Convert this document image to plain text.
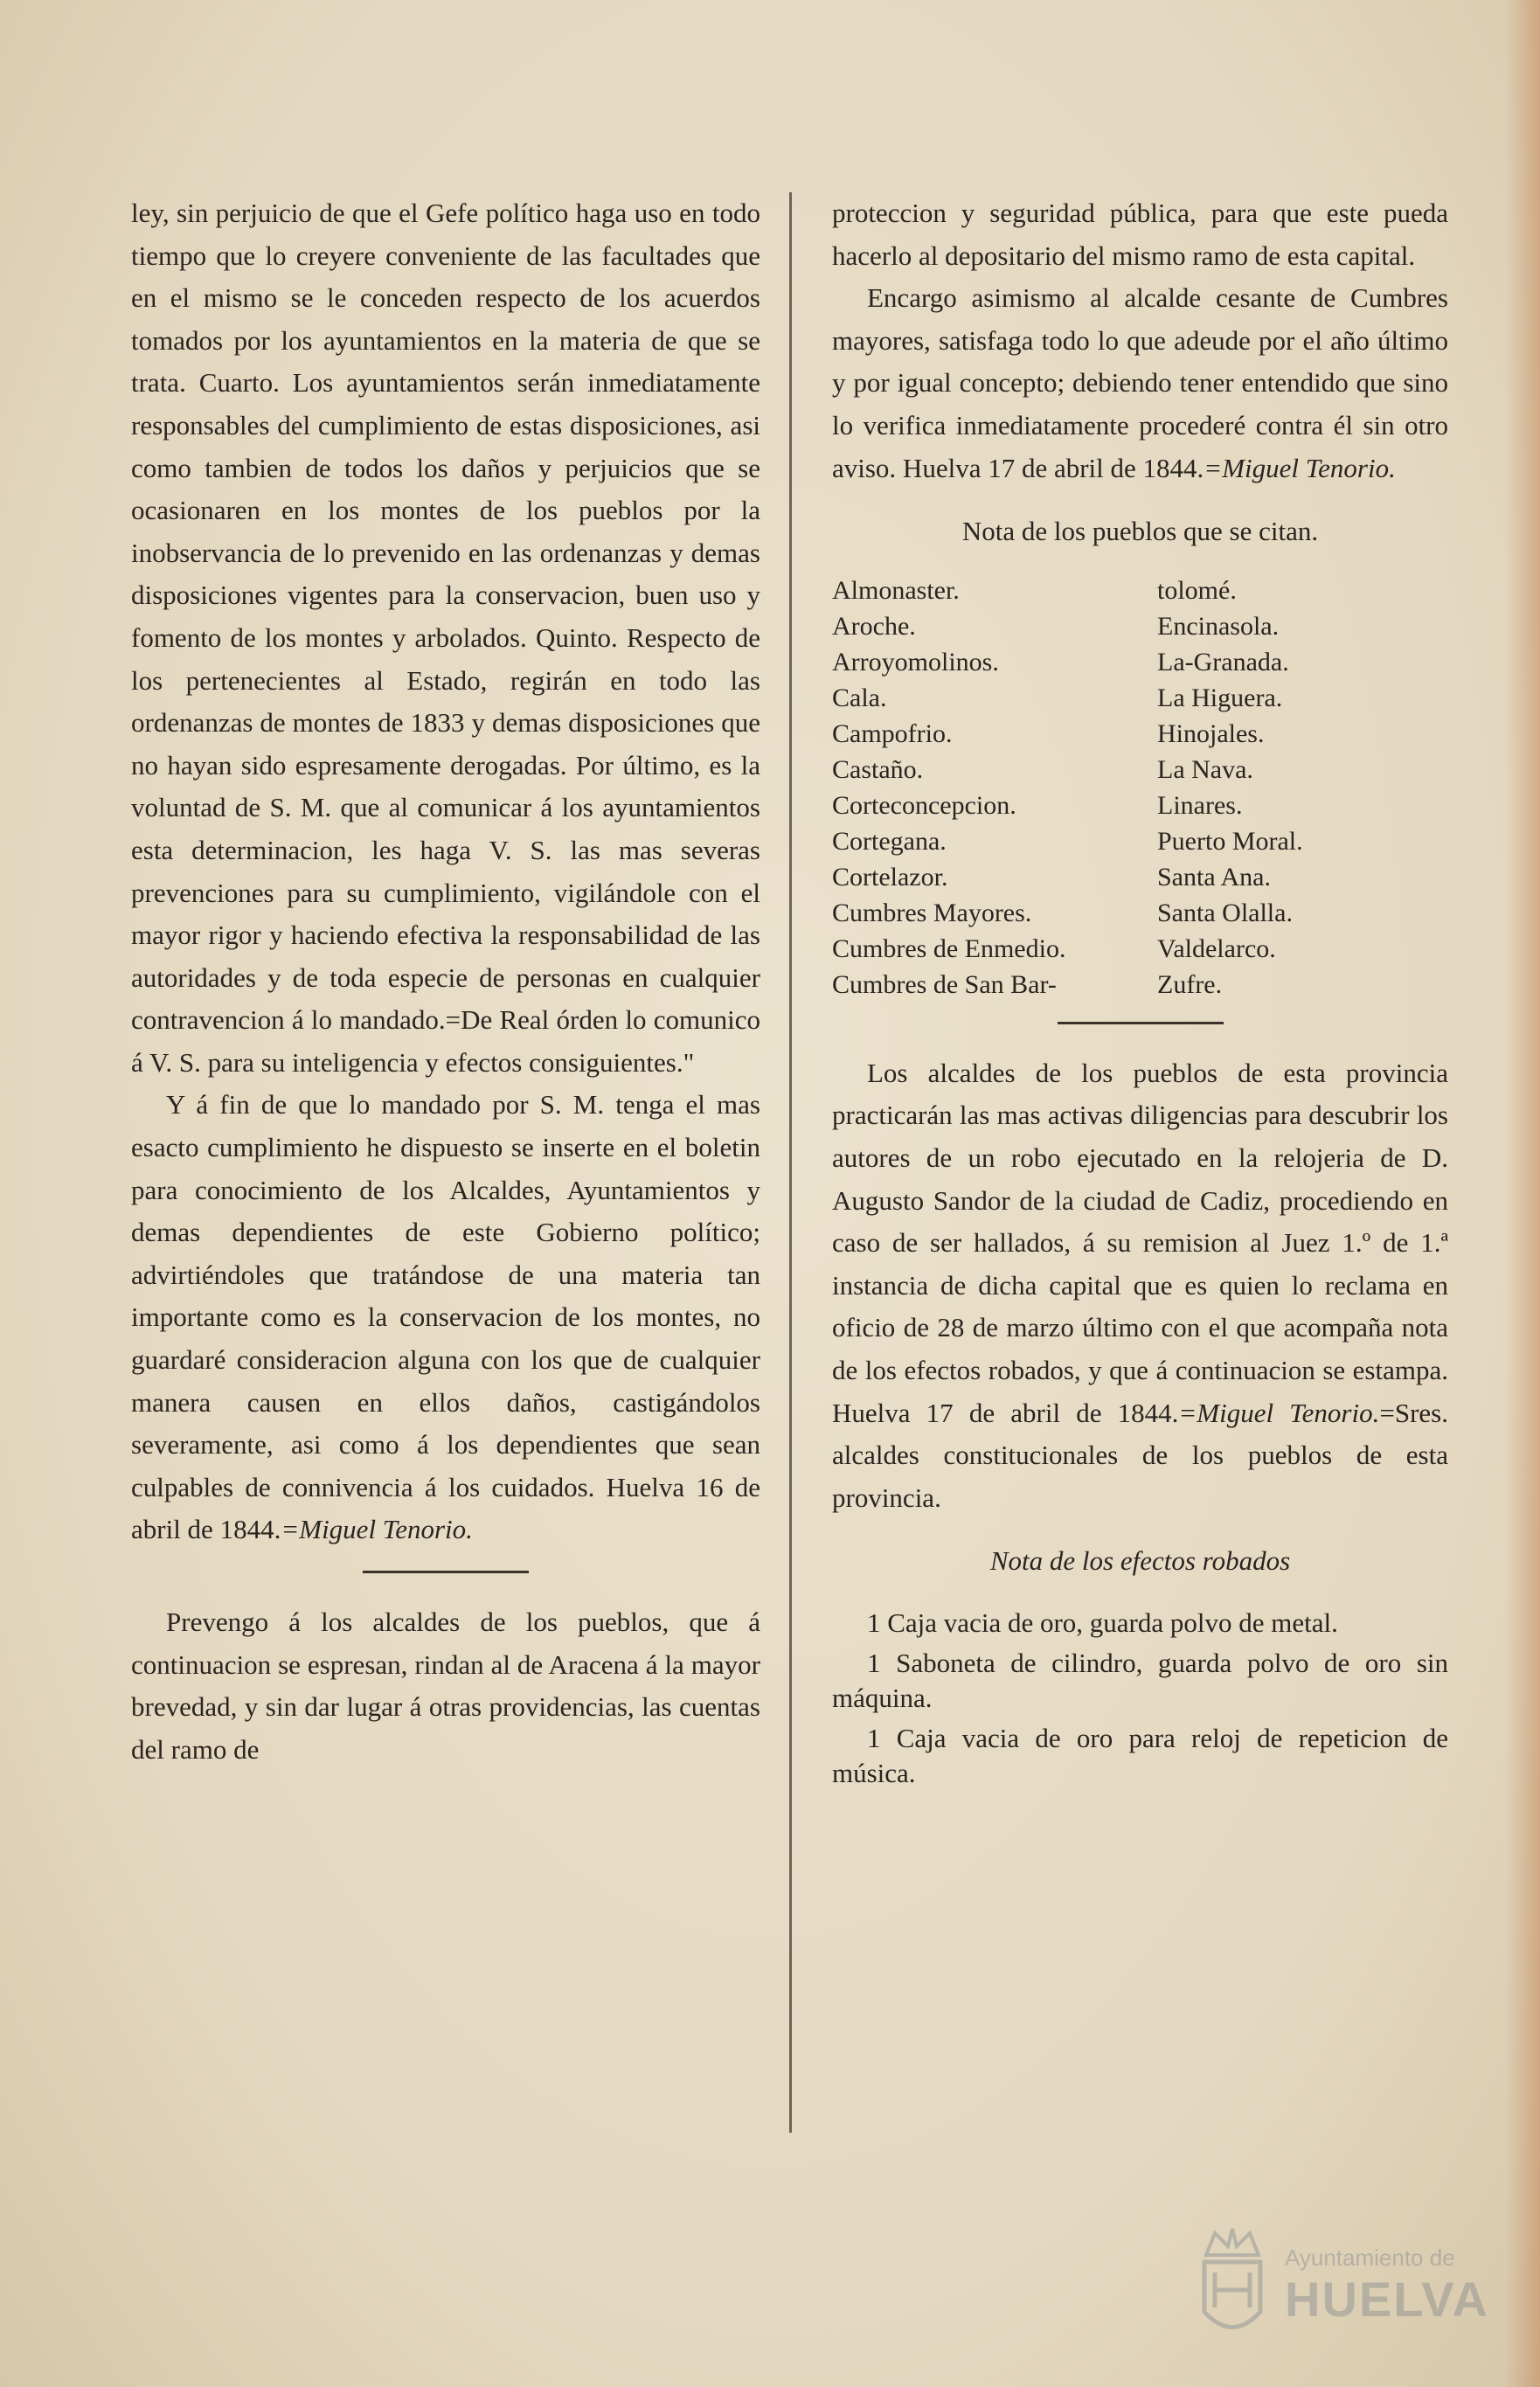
ley, sin perjuicio de que el Gefe político haga uso en todo tiempo que lo creyere conveniente de las facultades que en el mismo se le conceden respecto de los acuerdos tomados por los ayuntamientos en la materia de que se trata. Cuarto. Los ayuntamientos serán inmediatamente responsables del cumplimiento de estas disposiciones, asi como tambien de todos los daños y perjuicios que se ocasionaren en los montes de los pueblos por la inobservancia de lo prevenido en las ordenanzas y demas disposiciones vigentes para la conservacion, buen uso y fomento de los montes y arbolados. Quinto. Respecto de los pertenecientes al Estado, regirán en todo las ordenanzas de montes de 1833 y demas disposiciones que no hayan sido espresamente derogadas. Por último, es la voluntad de S. M. que al comunicar á los ayuntamientos esta determinacion, les haga V. S. las mas severas prevenciones para su cumplimiento, vigilándole con el mayor rigor y haciendo efectiva la responsabilidad de las autoridades y de toda especie de personas en cualquier contravencion á lo mandado.=De Real órden lo comunico á V. S. para su inteligencia y efectos consiguientes."

Y á fin de que lo mandado por S. M. tenga el mas esacto cumplimiento he dispuesto se inserte en el boletin para conocimiento de los Alcaldes, Ayuntamientos y demas dependientes de este Gobierno político; advirtiéndoles que tratándose de una materia tan importante como es la conservacion de los montes, no guardaré consideracion alguna con los que de cualquier manera causen en ellos daños, castigándolos severamente, asi como á los dependientes que sean culpables de connivencia á los cuidados. Huelva 16 de abril de 1844.=Miguel Tenorio.

Prevengo á los alcaldes de los pueblos, que á continuacion se espresan, rindan al de Aracena á la mayor brevedad, y sin dar lugar á otras providencias, las cuentas del ramo de

proteccion y seguridad pública, para que este pueda hacerlo al depositario del mismo ramo de esta capital.

Encargo asimismo al alcalde cesante de Cumbres mayores, satisfaga todo lo que adeude por el año último y por igual concepto; debiendo tener entendido que sino lo verifica inmediatamente procederé contra él sin otro aviso. Huelva 17 de abril de 1844.=Miguel Tenorio.

Nota de los pueblos que se citan.

Almonaster.
Aroche.
Arroyomolinos.
Cala.
Campofrio.
Castaño.
Corteconcepcion.
Cortegana.
Cortelazor.
Cumbres Mayores.
Cumbres de Enmedio.
Cumbres de San Bar-
tolomé.
Encinasola.
La-Granada.
La Higuera.
Hinojales.
La Nava.
Linares.
Puerto Moral.
Santa Ana.
Santa Olalla.
Valdelarco.
Zufre.

Los alcaldes de los pueblos de esta provincia practicarán las mas activas diligencias para descubrir los autores de un robo ejecutado en la relojeria de D. Augusto Sandor de la ciudad de Cadiz, procediendo en caso de ser hallados, á su remision al Juez 1.º de 1.ª instancia de dicha capital que es quien lo reclama en oficio de 28 de marzo último con el que acompaña nota de los efectos robados, y que á continuacion se estampa. Huelva 17 de abril de 1844.=Miguel Tenorio.=Sres. alcaldes constitucionales de los pueblos de esta provincia.

Nota de los efectos robados

1 Caja vacia de oro, guarda polvo de metal.

1 Saboneta de cilindro, guarda polvo de oro sin máquina.

1 Caja vacia de oro para reloj de repeticion de música.

Ayuntamiento de
HUELVA
